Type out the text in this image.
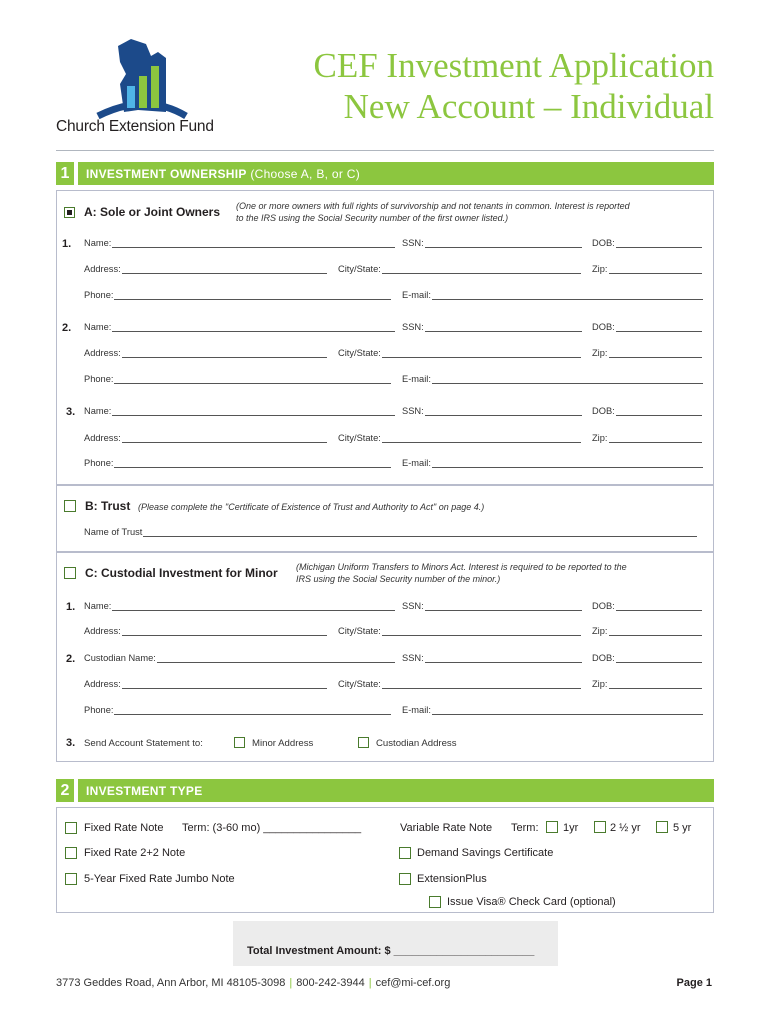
Church Extension Fund
CEF Investment Application
New Account – Individual
1	INVESTMENT OWNERSHIP (Choose A, B, or C)
A: Sole or Joint Owners (One or more owners with full rights of survivorship and not tenants in common. Interest is reported
to the IRS using the Social Security number of the first owner listed.)
1. Name:	SSN:	DOB:
Address:	City/State:	Zip:
Phone:	E-mail:
2. Name:	SSN:	DOB:
Address:	City/State:	Zip:
Phone:	E-mail:
3. Name:	SSN:	DOB:
Address:	City/State:	Zip:
Phone:	E-mail:
B: Trust (Please complete the "Certificate of Existence of Trust and Authority to Act" on page 4.)
Name of Trust
C: Custodial Investment for Minor (Michigan Uniform Transfers to Minors Act. Interest is required to be reported to the
IRS using the Social Security number of the minor.)
1. Name:	SSN:	DOB:
Address:	City/State:	Zip:
2. Custodian Name:	SSN:	DOB:
Address:	City/State:	Zip:
Phone:	E-mail:
3. Send Account Statement to:	Minor Address	Custodian Address
2	INVESTMENT TYPE
Fixed Rate Note Term: (3-60 mo) ________________
Fixed Rate 2+2 Note
5-Year Fixed Rate Jumbo Note
Variable Rate Note Term: 1yr	2 ½ yr	5 yr
Demand Savings Certificate
ExtensionPlus
Issue Visa® Check Card (optional)
Total Investment Amount: $ _______________________
3773 Geddes Road, Ann Arbor, MI 48105-3098 | 800-242-3944 | cef@mi-cef.org	Page 1
